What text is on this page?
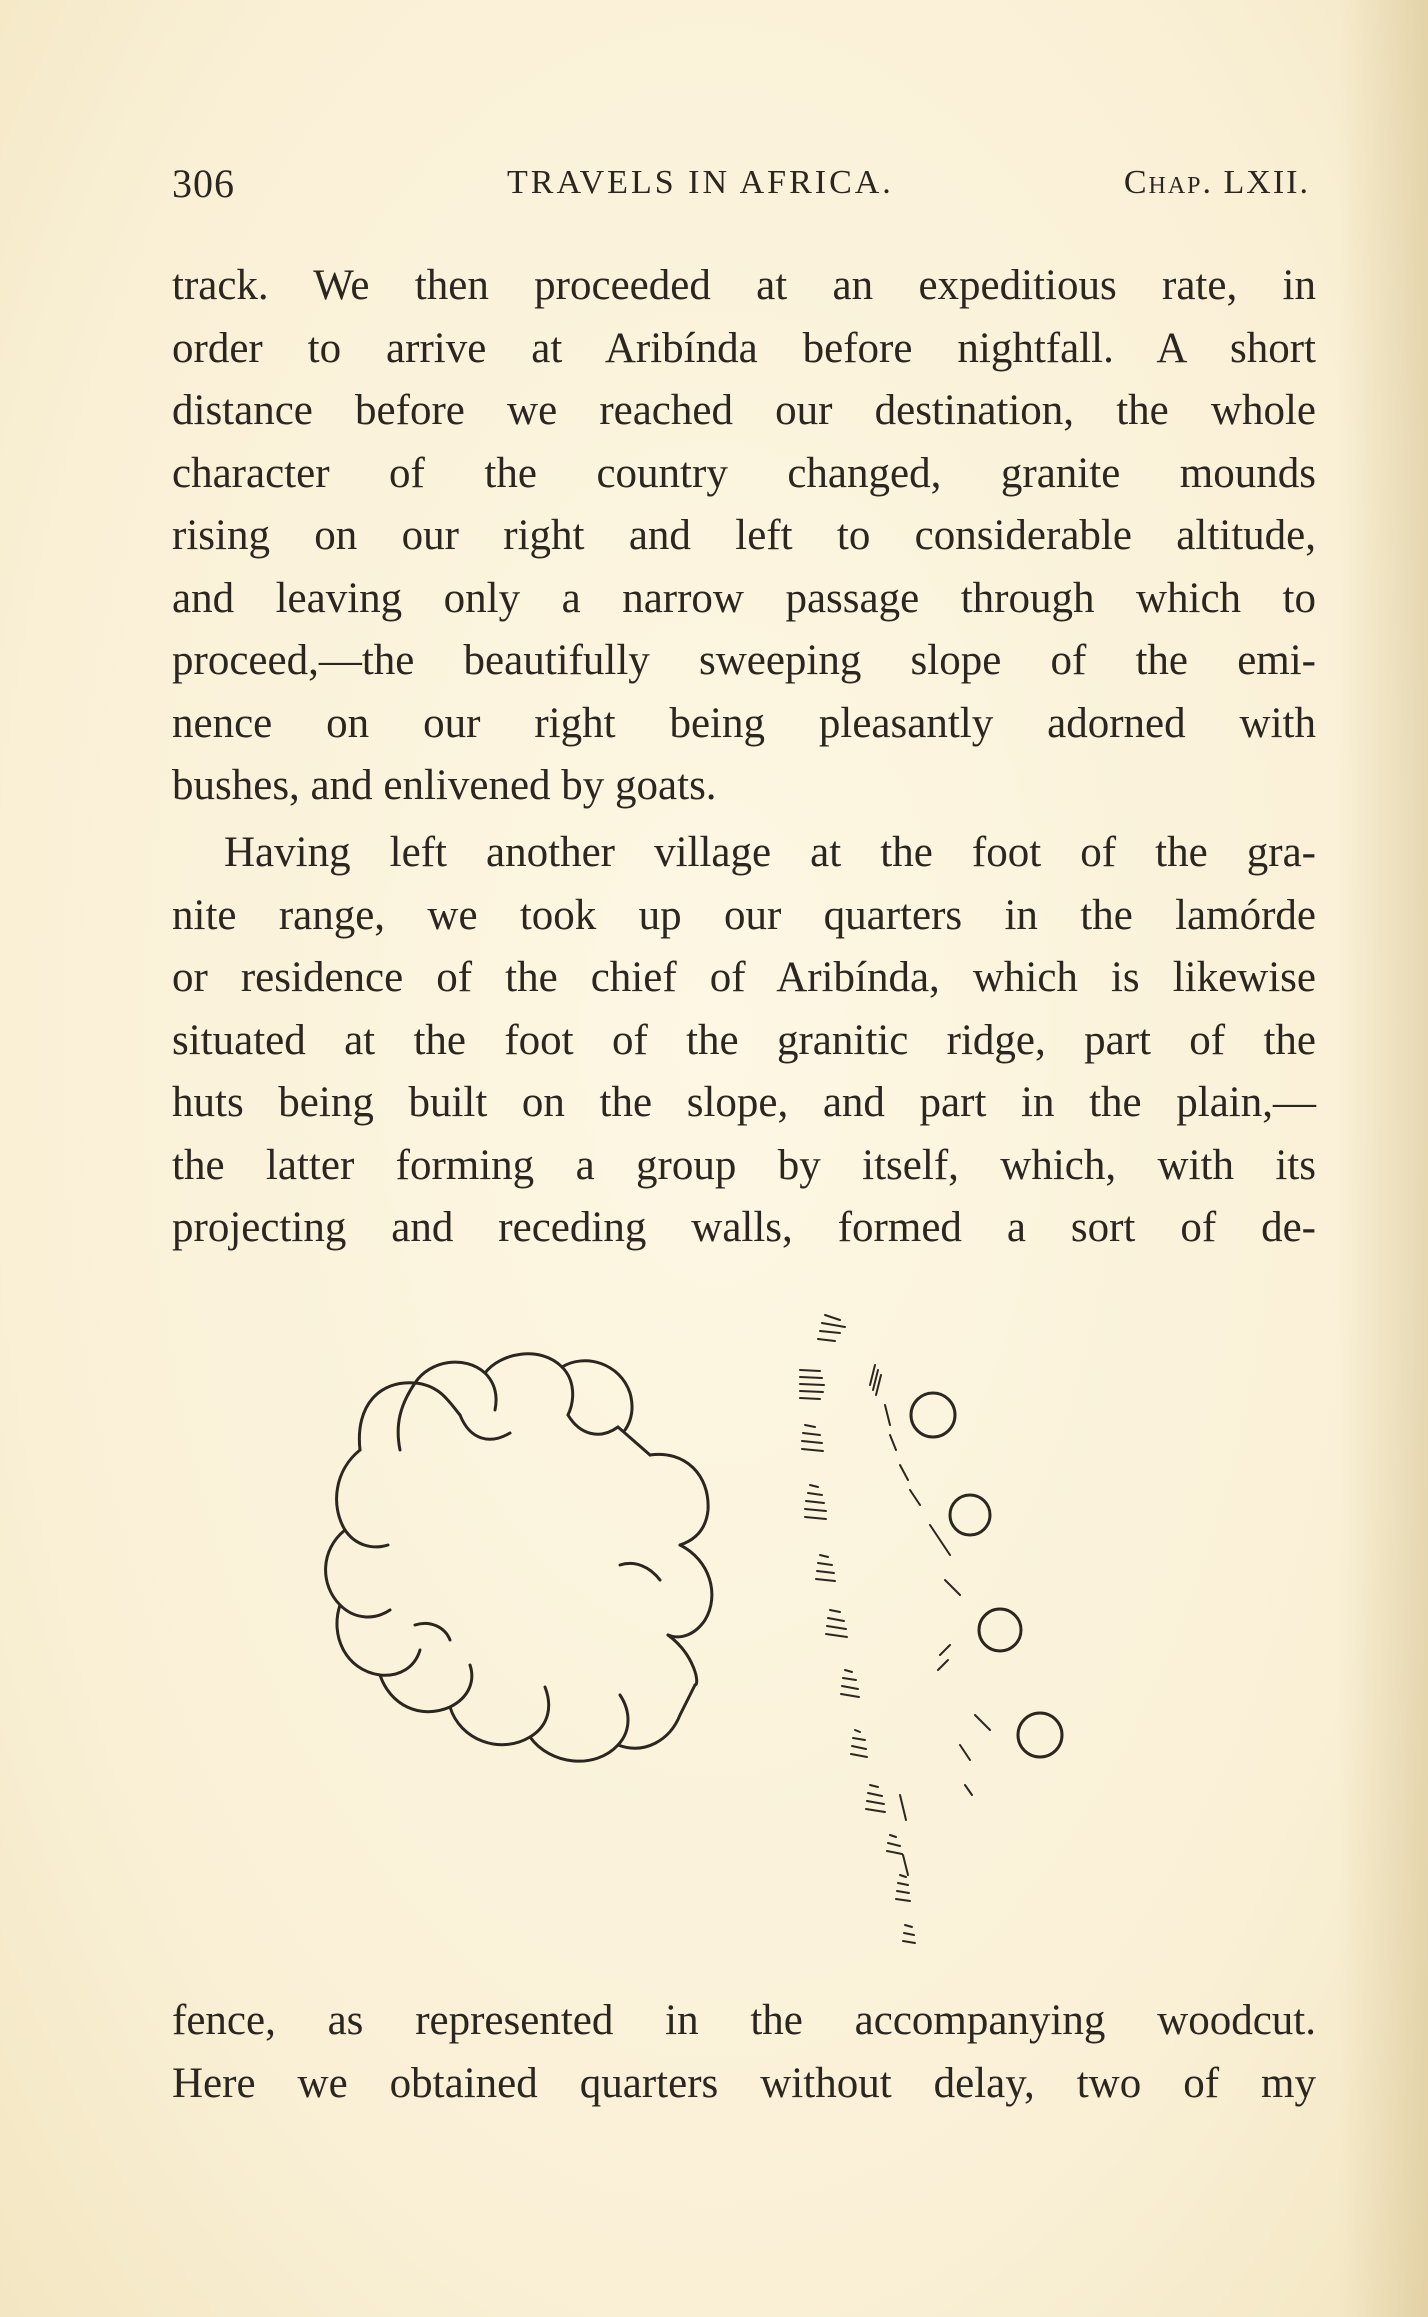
306	TRAVELS IN AFRICA.	Chap. LXII.
track. We then proceeded at an expeditious rate, in
order to arrive at Aribínda before nightfall. A short
distance before we reached our destination, the whole
character of the country changed, granite mounds
rising on our right and left to considerable altitude,
and leaving only a narrow passage through which to
proceed,—the beautifully sweeping slope of the emi-
nence on our right being pleasantly adorned with
bushes, and enlivened by goats.
Having left another village at the foot of the gra-
nite range, we took up our quarters in the lamórde
or residence of the chief of Aribínda, which is likewise
situated at the foot of the granitic ridge, part of the
huts being built on the slope, and part in the plain,—
the latter forming a group by itself, which, with its
projecting and receding walls, formed a sort of de-
fence, as represented in the accompanying woodcut.
Here we obtained quarters without delay, two of my
